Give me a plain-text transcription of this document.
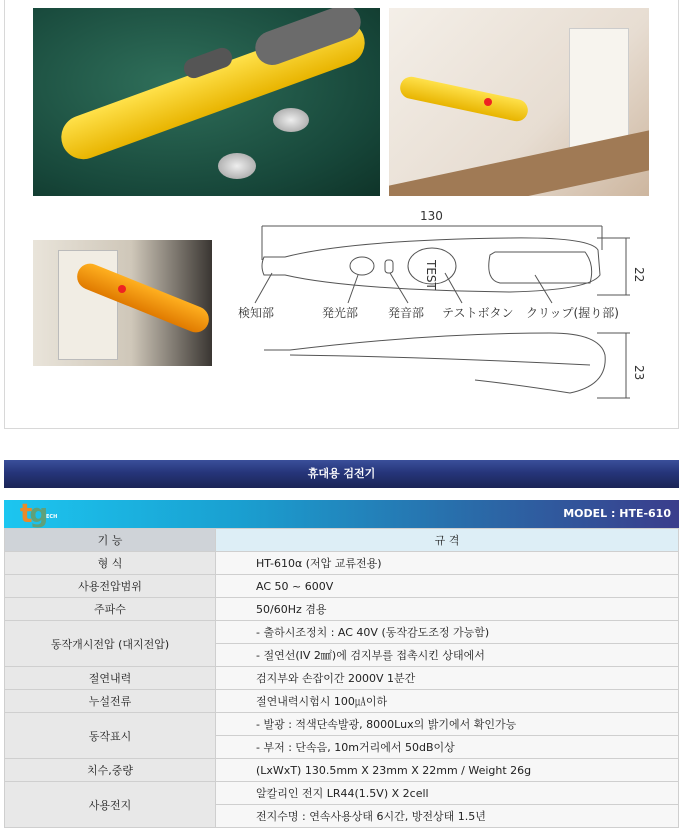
130
TEST	22
23
検知部	発光部 発音部 テストボタン クリップ(握り部)
휴대용 검전기
tg ECH	MODEL : HTE-610
기 능	규 격
형 식	HT-610α (저압 교류전용)
사용전압범위	AC 50 ~ 600V
주파수	50/60Hz 겸용
동작개시전압 (대지전압)	- 출하시조정치 : AC 40V (동작감도조정 가능함)
	- 절연선(IV 2㎟)에 검지부를 접촉시킨 상태에서
절연내력	검지부와 손잡이간 2000V 1분간
누설전류	절연내력시험시 100㎂이하
동작표시	- 발광 : 적색단속발광, 8000Lux의 밝기에서 확인가능
	- 부저 : 단속음, 10m거리에서 50dB이상
치수,중량	(LxWxT) 130.5mm X 23mm X 22mm / Weight 26g
사용전지	알칼리인 전지 LR44(1.5V) X 2cell
	전지수명 : 연속사용상태 6시간, 방전상태 1.5년
